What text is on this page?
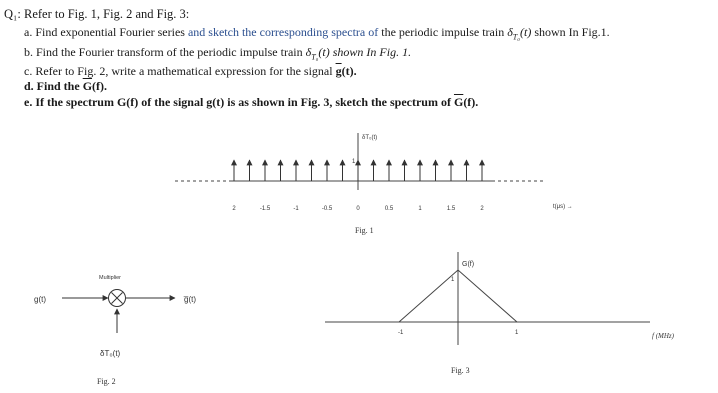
Q₁: Refer to Fig. 1, Fig. 2 and Fig. 3:
a. Find exponential Fourier series and sketch the corresponding spectra of the periodic impulse train $\delta_{T_0}(t)$ shown In Fig.1.
b. Find the Fourier transform of the periodic impulse train $\delta_{T_0}(t)$ shown In Fig. 1.
c. Refer to Fig. 2, write a mathematical expression for the signal $\overline{g}(t)$.
d. Find the $\overline{G}(f)$.
e. If the spectrum G(f) of the signal g(t) is as shown in Fig. 3, sketch the spectrum of $\overline{G}(f)$.
δT₀(t)
1
2	-1.5	-1	-0.5	0	0.5	1	1.5	2	t(μs) →
Fig. 1
g(t)
Multiplier
g̅(t)
δT₀(t)
Fig. 2
G(f)
1
-1	1	f (MHz)
Fig. 3
